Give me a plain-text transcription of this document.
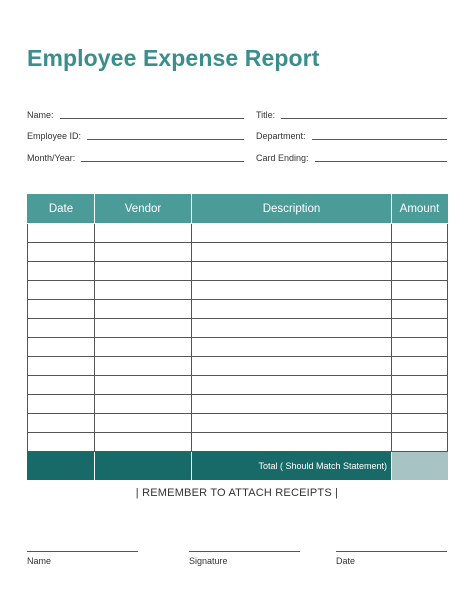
Employee Expense Report
Name:	Title:
Employee ID:	Department:
Month/Year:	Card Ending:
Date	Vendor	Description	Amount

		Total ( Should Match Statement)	
| REMEMBER TO ATTACH RECEIPTS |
Name	Signature	Date
